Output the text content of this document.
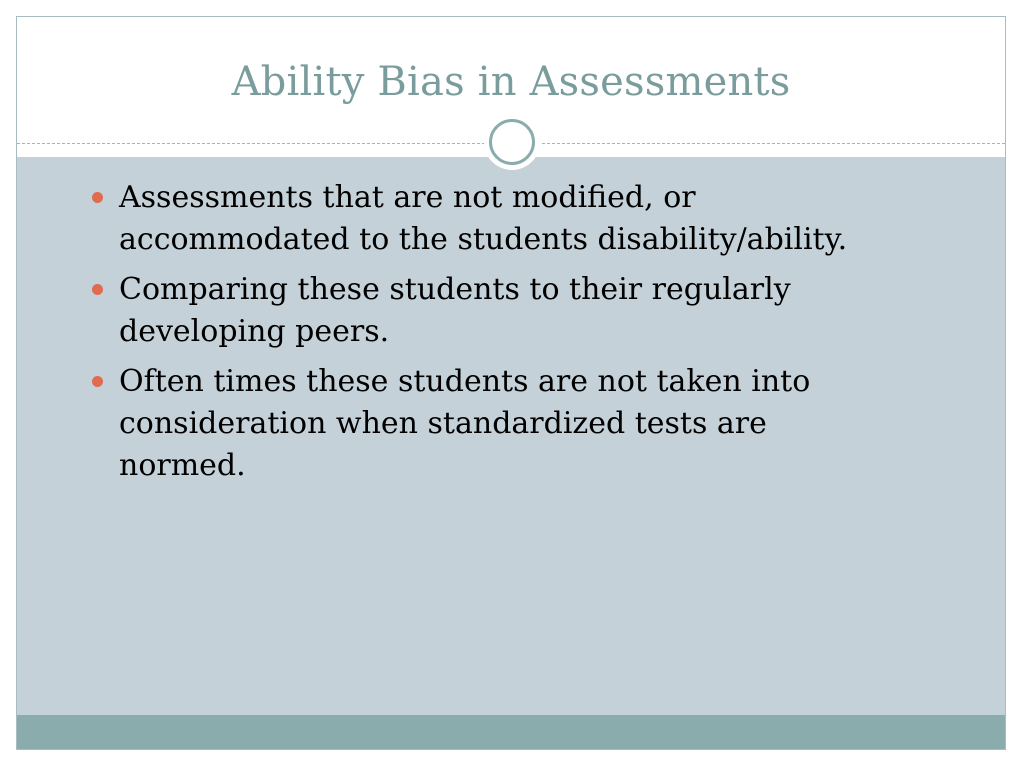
Ability Bias in Assessments
Assessments that are not modified, or accommodated to the students disability/ability.
Comparing these students to their regularly developing peers.
Often times these students are not taken into consideration when standardized tests are normed.
